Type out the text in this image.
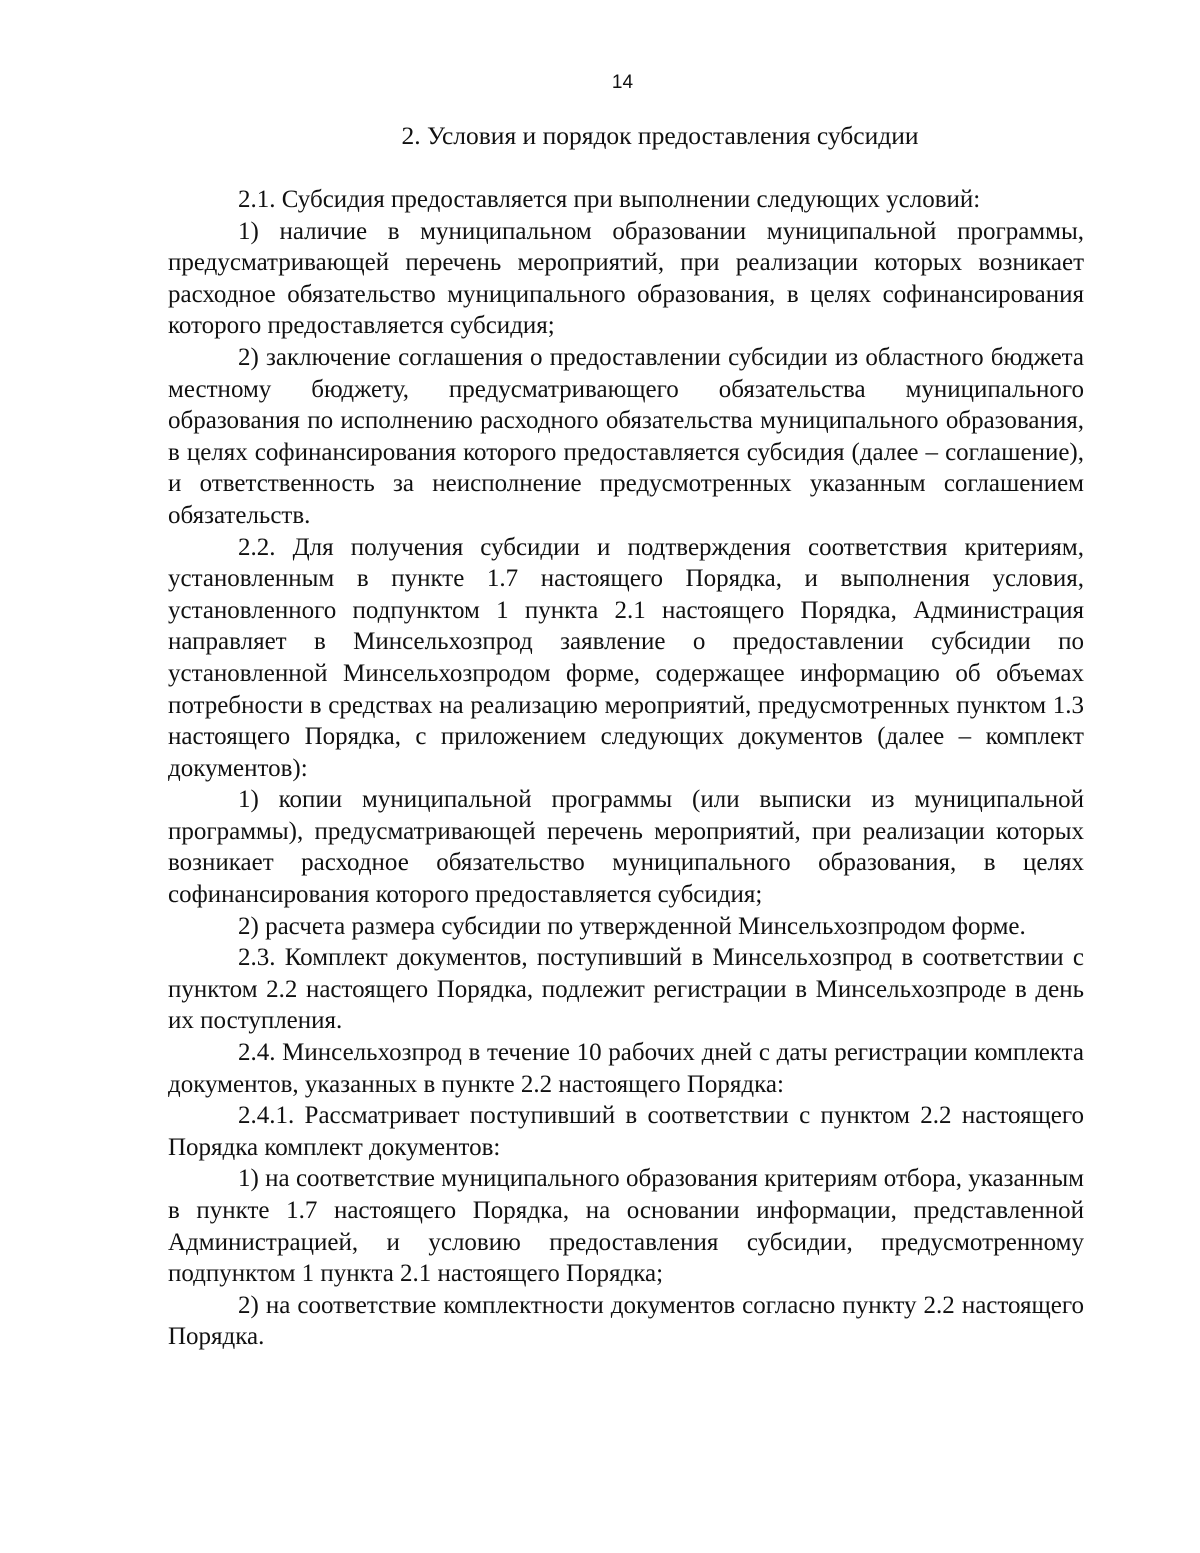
14
2. Условия и порядок предоставления субсидии

2.1. Субсидия предоставляется при выполнении следующих условий:

1) наличие в муниципальном образовании муниципальной программы, предусматривающей перечень мероприятий, при реализации которых возникает расходное обязательство муниципального образования, в целях софинансирования которого предоставляется субсидия;

2) заключение соглашения о предоставлении субсидии из областного бюджета местному бюджету, предусматривающего обязательства муниципального образования по исполнению расходного обязательства муниципального образования, в целях софинансирования которого предоставляется субсидия (далее – соглашение), и ответственность за неисполнение предусмотренных указанным соглашением обязательств.

2.2. Для получения субсидии и подтверждения соответствия критериям, установленным в пункте 1.7 настоящего Порядка, и выполнения условия, установленного подпунктом 1 пункта 2.1 настоящего Порядка, Администрация направляет в Минсельхозпрод заявление о предоставлении субсидии по установленной Минсельхозпродом форме, содержащее информацию об объемах потребности в средствах на реализацию мероприятий, предусмотренных пунктом 1.3 настоящего Порядка, с приложением следующих документов (далее – комплект документов):

1) копии муниципальной программы (или выписки из муниципальной программы), предусматривающей перечень мероприятий, при реализации которых возникает расходное обязательство муниципального образования, в целях софинансирования которого предоставляется субсидия;

2) расчета размера субсидии по утвержденной Минсельхозпродом форме.

2.3. Комплект документов, поступивший в Минсельхозпрод в соответствии с пунктом 2.2 настоящего Порядка, подлежит регистрации в Минсельхозпроде в день их поступления.

2.4. Минсельхозпрод в течение 10 рабочих дней с даты регистрации комплекта документов, указанных в пункте 2.2 настоящего Порядка:

2.4.1. Рассматривает поступивший в соответствии с пунктом 2.2 настоящего Порядка комплект документов:

1) на соответствие муниципального образования критериям отбора, указанным в пункте 1.7 настоящего Порядка, на основании информации, представленной Администрацией, и условию предоставления субсидии, предусмотренному подпунктом 1 пункта 2.1 настоящего Порядка;

2) на соответствие комплектности документов согласно пункту 2.2 настоящего Порядка.
